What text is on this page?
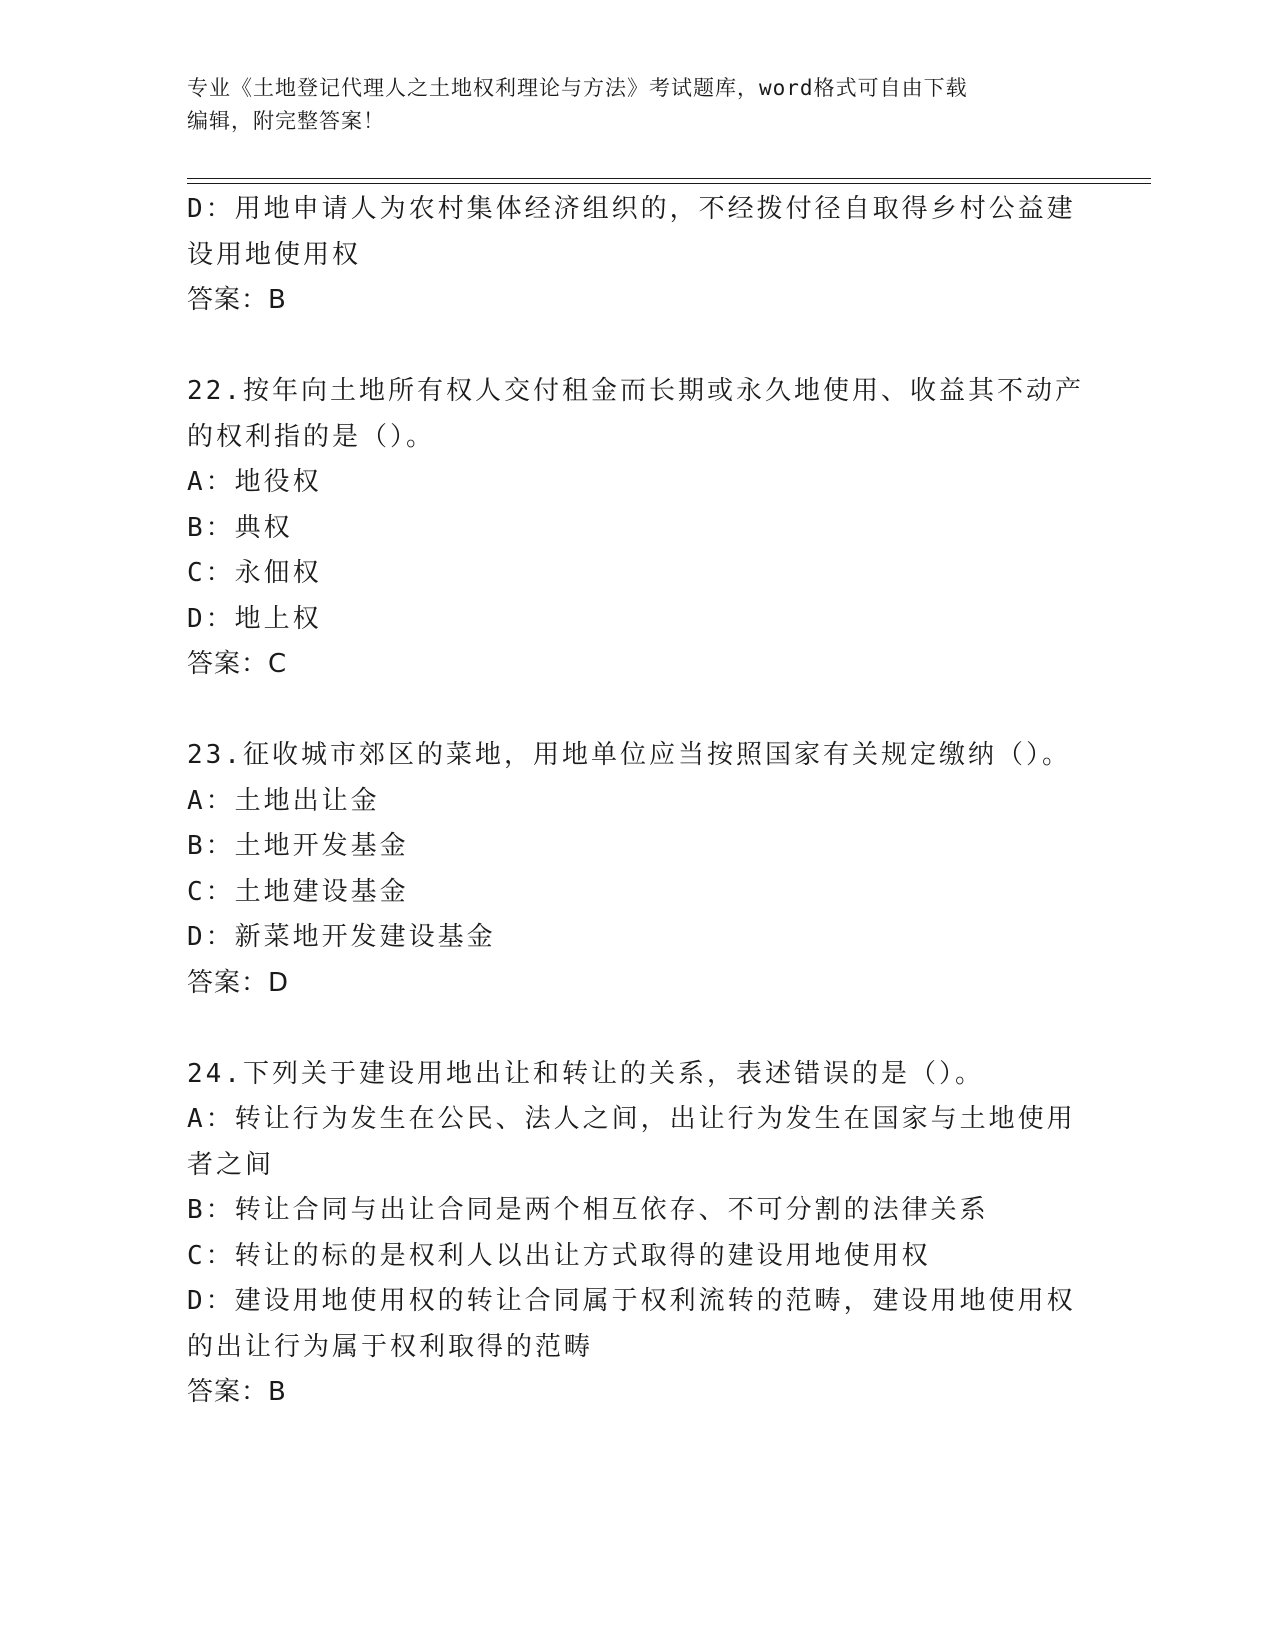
专业《土地登记代理人之土地权利理论与方法》考试题库，word格式可自由下载
编辑，附完整答案！

D：用地申请人为农村集体经济组织的，不经拨付径自取得乡村公益建

设用地使用权

答案：B

22.按年向土地所有权人交付租金而长期或永久地使用、收益其不动产

的权利指的是（）。

A：地役权

B：典权

C：永佃权

D：地上权

答案：C

23.征收城市郊区的菜地，用地单位应当按照国家有关规定缴纳（）。

A：土地出让金

B：土地开发基金

C：土地建设基金

D：新菜地开发建设基金

答案：D

24.下列关于建设用地出让和转让的关系，表述错误的是（）。

A：转让行为发生在公民、法人之间，出让行为发生在国家与土地使用

者之间

B：转让合同与出让合同是两个相互依存、不可分割的法律关系

C：转让的标的是权利人以出让方式取得的建设用地使用权

D：建设用地使用权的转让合同属于权利流转的范畴，建设用地使用权

的出让行为属于权利取得的范畴

答案：B
